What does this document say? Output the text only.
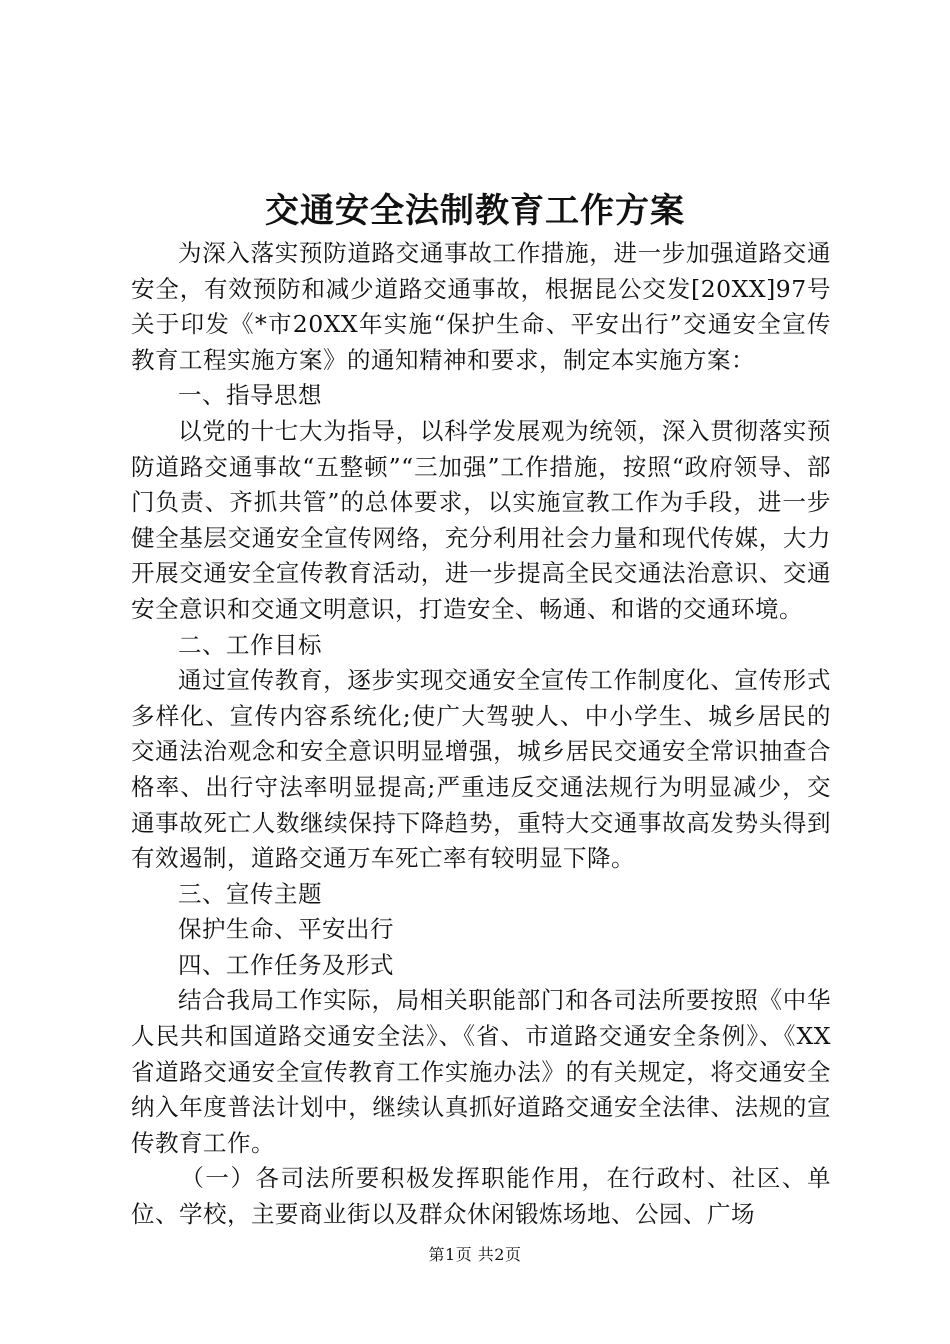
交通安全法制教育工作方案

为深入落实预防道路交通事故工作措施，进一步加强道路交通安全，有效预防和减少道路交通事故，根据昆公交发[20XX]97号关于印发《*市20XX年实施“保护生命、平安出行”交通安全宣传教育工程实施方案》的通知精神和要求，制定本实施方案：

一、指导思想

以党的十七大为指导，以科学发展观为统领，深入贯彻落实预防道路交通事故“五整顿”“三加强”工作措施，按照“政府领导、部门负责、齐抓共管”的总体要求，以实施宣教工作为手段，进一步健全基层交通安全宣传网络，充分利用社会力量和现代传媒，大力开展交通安全宣传教育活动，进一步提高全民交通法治意识、交通安全意识和交通文明意识，打造安全、畅通、和谐的交通环境。

二、工作目标

通过宣传教育，逐步实现交通安全宣传工作制度化、宣传形式多样化、宣传内容系统化;使广大驾驶人、中小学生、城乡居民的交通法治观念和安全意识明显增强，城乡居民交通安全常识抽查合格率、出行守法率明显提高;严重违反交通法规行为明显减少，交通事故死亡人数继续保持下降趋势，重特大交通事故高发势头得到有效遏制，道路交通万车死亡率有较明显下降。

三、宣传主题

保护生命、平安出行

四、工作任务及形式

结合我局工作实际，局相关职能部门和各司法所要按照《中华人民共和国道路交通安全法》、《省、市道路交通安全条例》、《XX省道路交通安全宣传教育工作实施办法》的有关规定，将交通安全纳入年度普法计划中，继续认真抓好道路交通安全法律、法规的宣传教育工作。

（一）各司法所要积极发挥职能作用，在行政村、社区、单位、学校，主要商业街以及群众休闲锻炼场地、公园、广场

第1页 共2页
